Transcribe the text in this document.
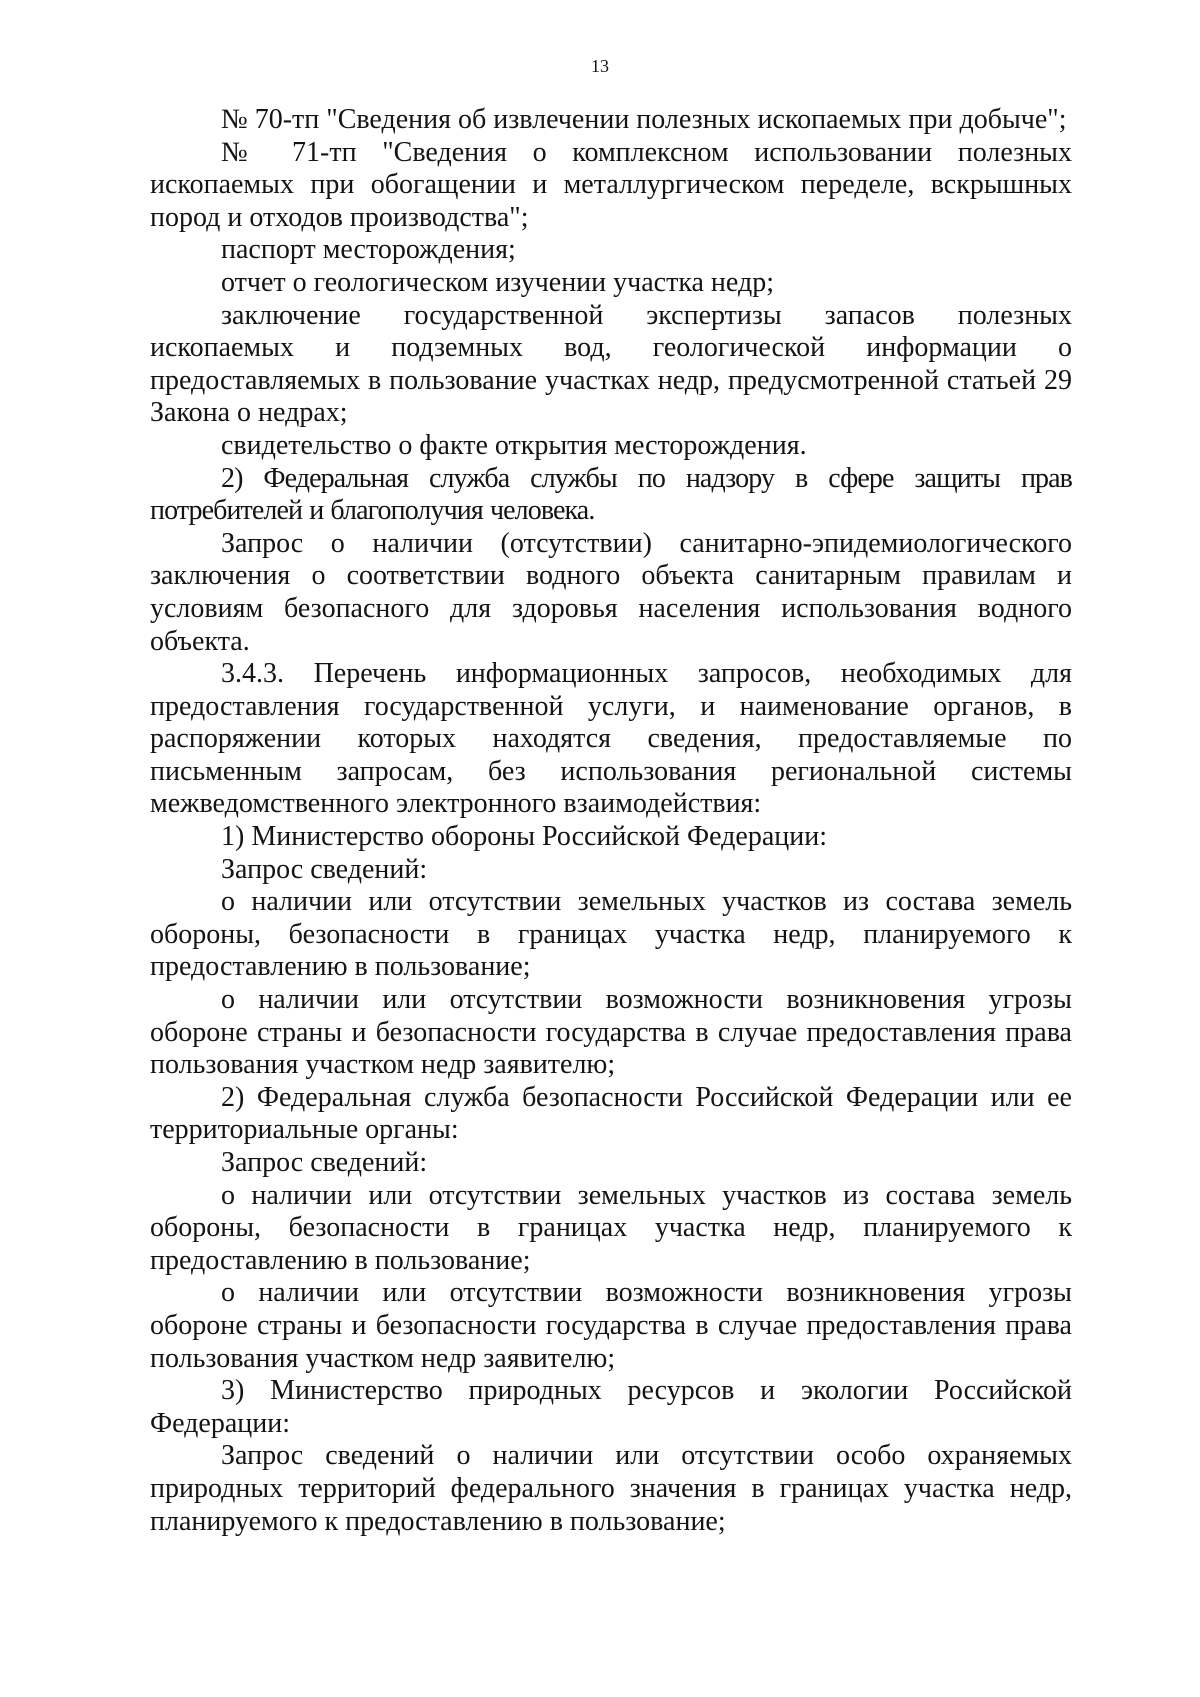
13

№ 70-тп "Сведения об извлечении полезных ископаемых при добыче";

№ 71-тп "Сведения о комплексном использовании полезных ископаемых при обогащении и металлургическом переделе, вскрышных пород и отходов производства";

паспорт месторождения;

отчет о геологическом изучении участка недр;

заключение государственной экспертизы запасов полезных ископаемых и подземных вод, геологической информации о предоставляемых в пользование участках недр, предусмотренной статьей 29 Закона о недрах;

свидетельство о факте открытия месторождения.

2) Федеральная служба службы по надзору в сфере защиты прав потребителей и благополучия человека.

Запрос о наличии (отсутствии) санитарно-эпидемиологического заключения о соответствии водного объекта санитарным правилам и условиям безопасного для здоровья населения использования водного объекта.

3.4.3. Перечень информационных запросов, необходимых для предоставления государственной услуги, и наименование органов, в распоряжении которых находятся сведения, предоставляемые по письменным запросам, без использования региональной системы межведомственного электронного взаимодействия:

1) Министерство обороны Российской Федерации:

Запрос сведений:

о наличии или отсутствии земельных участков из состава земель обороны, безопасности в границах участка недр, планируемого к предоставлению в пользование;

о наличии или отсутствии возможности возникновения угрозы обороне страны и безопасности государства в случае предоставления права пользования участком недр заявителю;

2) Федеральная служба безопасности Российской Федерации или ее территориальные органы:

Запрос сведений:

о наличии или отсутствии земельных участков из состава земель обороны, безопасности в границах участка недр, планируемого к предоставлению в пользование;

о наличии или отсутствии возможности возникновения угрозы обороне страны и безопасности государства в случае предоставления права пользования участком недр заявителю;

3) Министерство природных ресурсов и экологии Российской Федерации:

Запрос сведений о наличии или отсутствии особо охраняемых природных территорий федерального значения в границах участка недр, планируемого к предоставлению в пользование;
